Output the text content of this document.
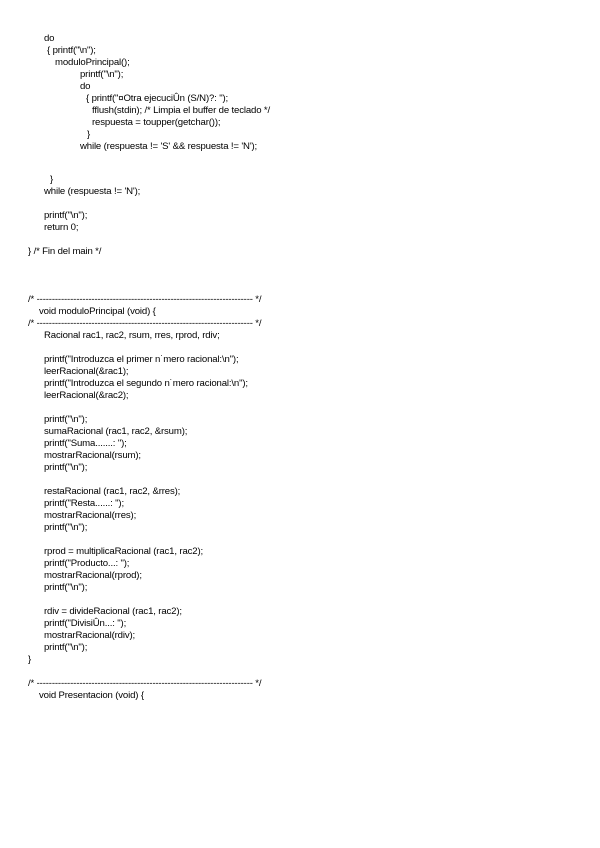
do
{ printf("\n");
moduloPrincipal();
printf("\n");
do
{ printf("¤Otra ejecuciÛn (S/N)?: ");
fflush(stdin); /* Limpia el buffer de teclado */
respuesta = toupper(getchar());
}
while (respuesta != 'S' && respuesta != 'N');
}
while (respuesta != 'N');
printf("\n");
return 0;
} /* Fin del main */
/* ----------------------------------------------------------------------- */
void moduloPrincipal (void) {
/* ----------------------------------------------------------------------- */
Racional rac1, rac2, rsum, rres, rprod, rdiv;
printf("Introduzca el primer n˙mero racional:\n");
leerRacional(&rac1);
printf("Introduzca el segundo n˙mero racional:\n");
leerRacional(&rac2);
printf("\n");
sumaRacional (rac1, rac2, &rsum);
printf("Suma.......: ");
mostrarRacional(rsum);
printf("\n");
restaRacional (rac1, rac2, &rres);
printf("Resta......: ");
mostrarRacional(rres);
printf("\n");
rprod = multiplicaRacional (rac1, rac2);
printf("Producto...: ");
mostrarRacional(rprod);
printf("\n");
rdiv = divideRacional (rac1, rac2);
printf("DivisiÛn...: ");
mostrarRacional(rdiv);
printf("\n");
}
/* ----------------------------------------------------------------------- */
void Presentacion (void) {
